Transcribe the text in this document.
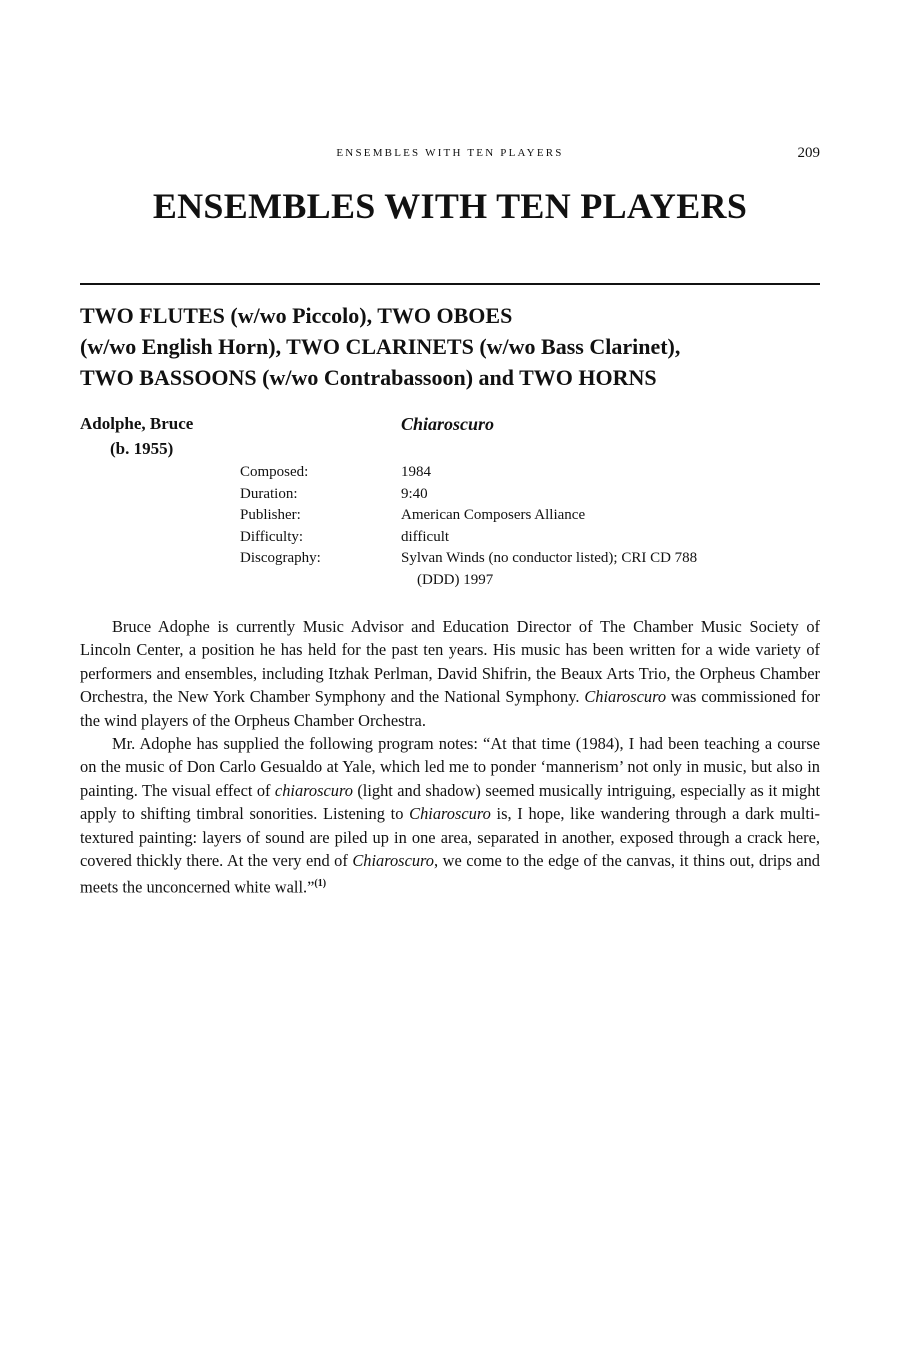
ENSEMBLES WITH TEN PLAYERS	209
ENSEMBLES WITH TEN PLAYERS
TWO FLUTES (w/wo Piccolo), TWO OBOES
(w/wo English Horn), TWO CLARINETS (w/wo Bass Clarinet),
TWO BASSOONS (w/wo Contrabassoon) and TWO HORNS
Adolphe, Bruce
(b. 1955)
Chiaroscuro
Composed:	1984
Duration:	9:40
Publisher:	American Composers Alliance
Difficulty:	difficult
Discography:	Sylvan Winds (no conductor listed); CRI CD 788
(DDD) 1997

Bruce Adophe is currently Music Advisor and Education Director of The Chamber Music Society of Lincoln Center, a position he has held for the past ten years. His music has been written for a wide variety of performers and ensembles, including Itzhak Perlman, David Shifrin, the Beaux Arts Trio, the Orpheus Chamber Orchestra, the New York Chamber Symphony and the National Symphony. Chiaroscuro was commissioned for the wind players of the Orpheus Chamber Orchestra.

Mr. Adophe has supplied the following program notes: “At that time (1984), I had been teaching a course on the music of Don Carlo Gesualdo at Yale, which led me to ponder ‘mannerism’ not only in music, but also in painting. The visual effect of chiaroscuro (light and shadow) seemed musically intriguing, especially as it might apply to shifting timbral sonorities. Listening to Chiaroscuro is, I hope, like wandering through a dark multi-textured painting: layers of sound are piled up in one area, separated in another, exposed through a crack here, covered thickly there. At the very end of Chiaroscuro, we come to the edge of the canvas, it thins out, drips and meets the unconcerned white wall.”$^{(1)}$
